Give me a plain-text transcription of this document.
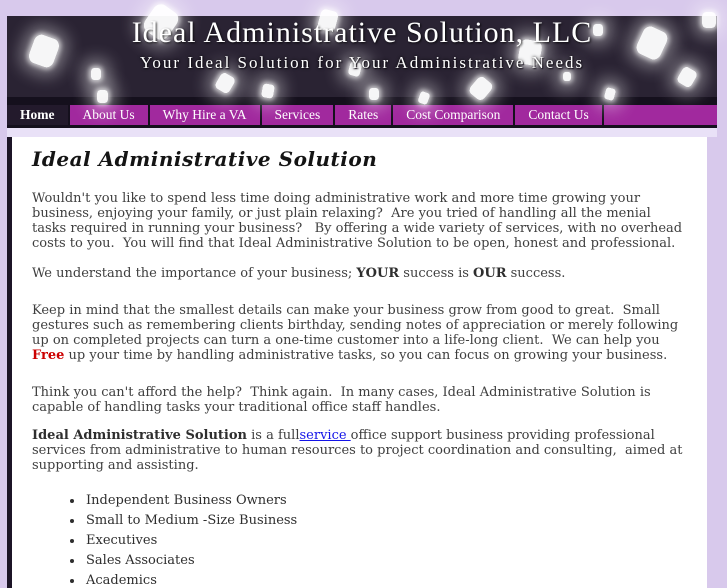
Ideal Administrative Solution, LLC
Your Ideal Solution for Your Administrative Needs
Home About Us Why Hire a VA Services Rates Cost Comparison Contact Us
Ideal Administrative Solution

Wouldn't you like to spend less time doing administrative work and more time growing your business, enjoying your family, or just plain relaxing?  Are you tried of handling all the menial tasks required in running your business?   By offering a wide variety of services, with no overhead costs to you.  You will find that Ideal Administrative Solution to be open, honest and professional.

We understand the importance of your business; YOUR success is OUR success.

Keep in mind that the smallest details can make your business grow from good to great.  Small gestures such as remembering clients birthday, sending notes of appreciation or merely following up on completed projects can turn a one-time customer into a life-long client.  We can help you Free up your time by handling administrative tasks, so you can focus on growing your business.

Think you can't afford the help?  Think again.  In many cases, Ideal Administrative Solution is capable of handling tasks your traditional office staff handles.

Ideal Administrative Solution is a fullservice office support business providing professional services from administrative to human resources to project coordination and consulting,  aimed at supporting and assisting.

• Independent Business Owners
• Small to Medium -Size Business
• Executives
• Sales Associates
• Academics
